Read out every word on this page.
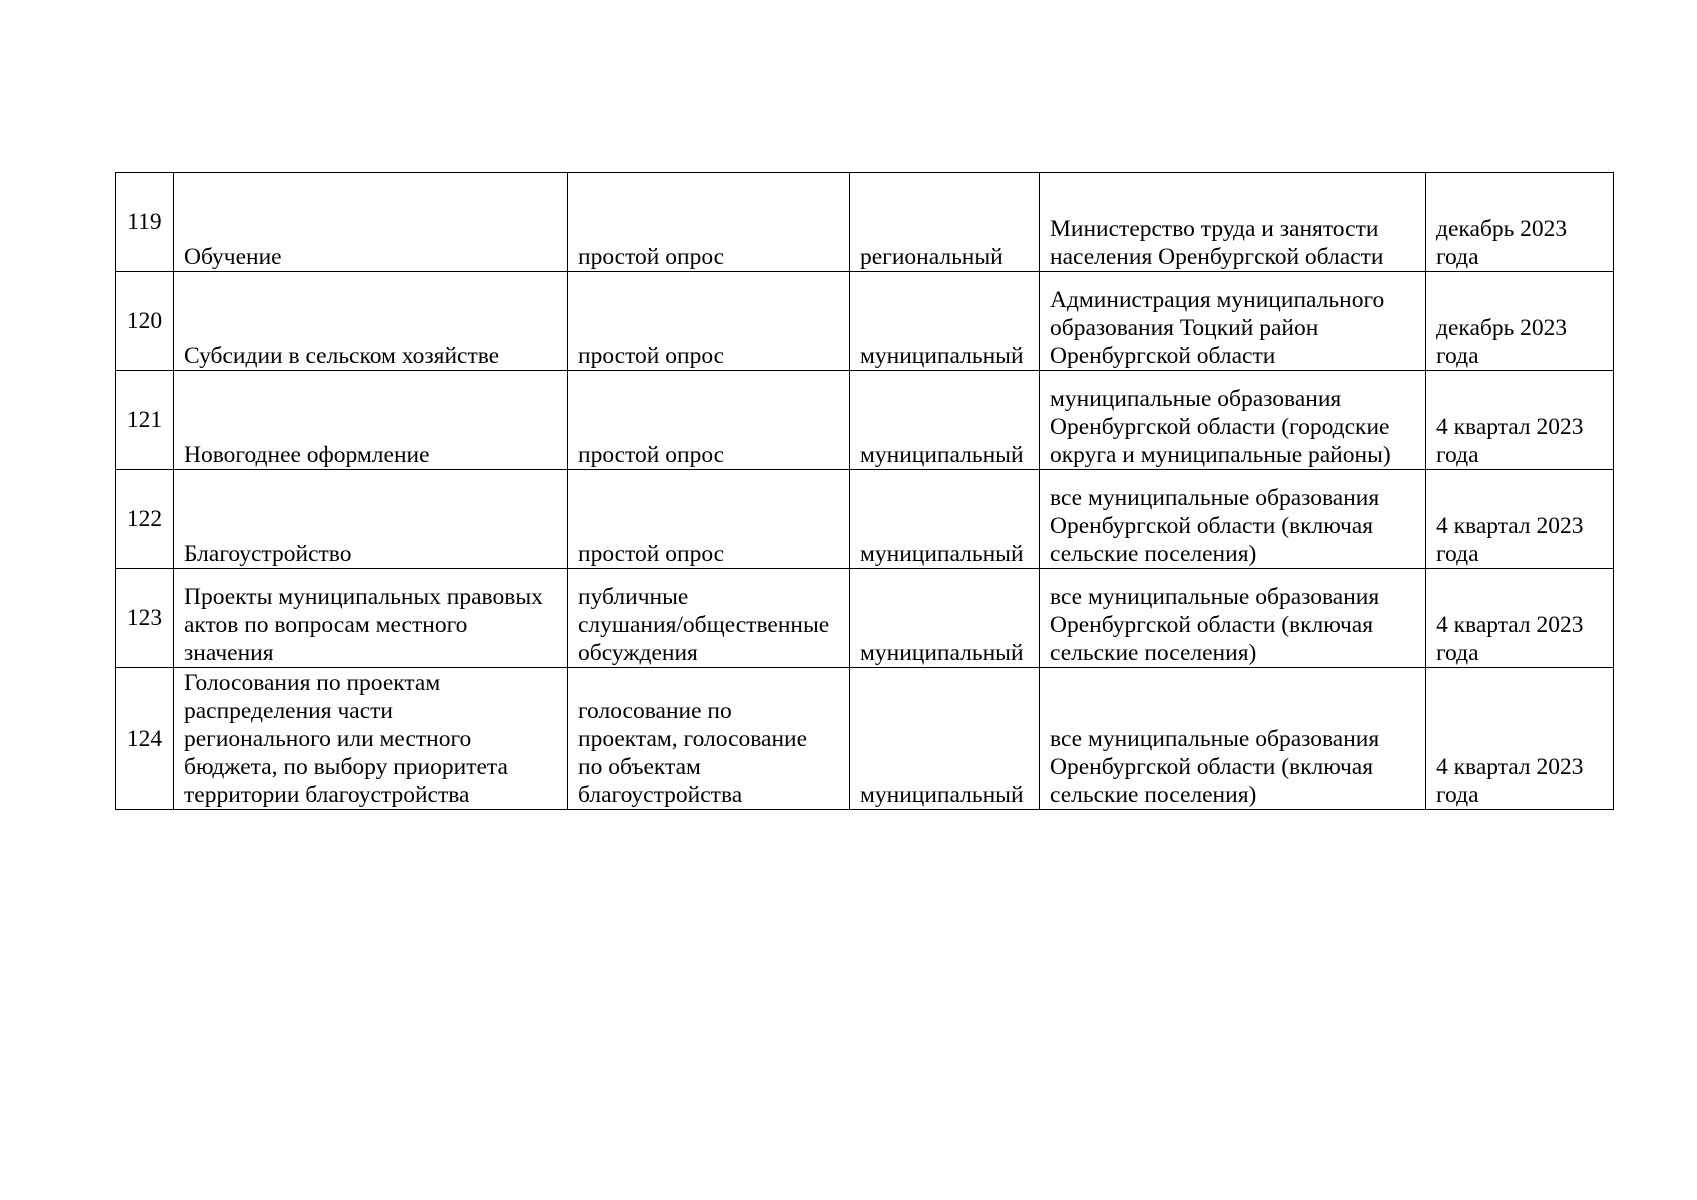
119	Обучение	простой опрос	региональный	Министерство труда и занятости
населения Оренбургской области	декабрь 2023
года
120	Субсидии в сельском хозяйстве	простой опрос	муниципальный	Администрация муниципального
образования Тоцкий район
Оренбургской области	декабрь 2023
года
121	Новогоднее оформление	простой опрос	муниципальный	муниципальные образования
Оренбургской области (городские
округа и муниципальные районы)	4 квартал 2023
года
122	Благоустройство	простой опрос	муниципальный	все муниципальные образования
Оренбургской области (включая
сельские поселения)	4 квартал 2023
года
123	Проекты муниципальных правовых
актов по вопросам местного
значения	публичные
слушания/общественные
обсуждения	муниципальный	все муниципальные образования
Оренбургской области (включая
сельские поселения)	4 квартал 2023
года
124	Голосования по проектам
распределения части
регионального или местного
бюджета, по выбору приоритета
территории благоустройства	голосование по
проектам, голосование
по объектам
благоустройства	муниципальный	все муниципальные образования
Оренбургской области (включая
сельские поселения)	4 квартал 2023
года
